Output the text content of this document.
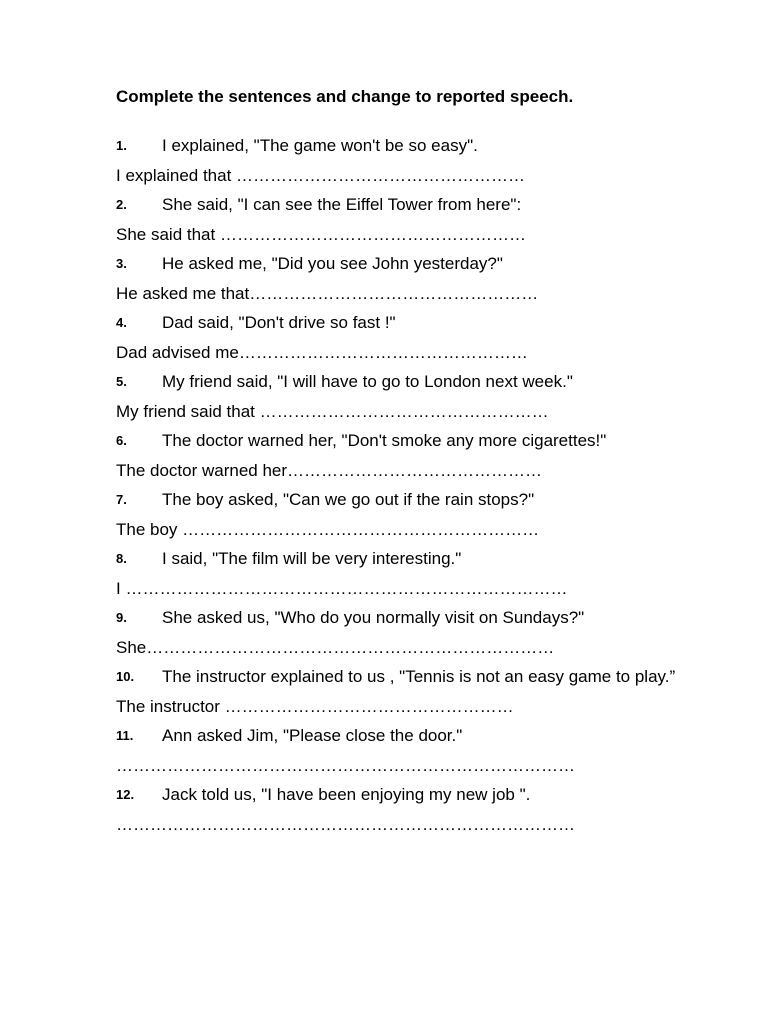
Complete the sentences and change to reported speech.
1. I explained, "The game won't be so easy".
I explained that ……………………………………………
2. She said, "I can see the Eiffel Tower from here":
She said that ………………………………………………
3. He asked me, "Did you see John yesterday?"
He asked me that……………………………………………
4. Dad said, "Don't drive so fast !"
Dad advised me……………………………………………
5. My friend said, "I will have to go to London next week."
My friend said that ……………………………………………
6. The doctor warned her, "Don't smoke any more cigarettes!"
The doctor warned her………………………………………
7. The boy asked, "Can we go out if the rain stops?"
The boy ………………………………………………………
8. I said, "The film will be very interesting."
I ……………………………………………………………………
9. She asked us, "Who do you normally visit on Sundays?"
She………………………………………………………………
10. The instructor explained to us , "Tennis is not an easy game to play.”
The instructor ……………………………………………
11. Ann asked Jim, "Please close the door."
………………………………………………………………………
12. Jack told us, "I have been enjoying my new job ".
………………………………………………………………………
